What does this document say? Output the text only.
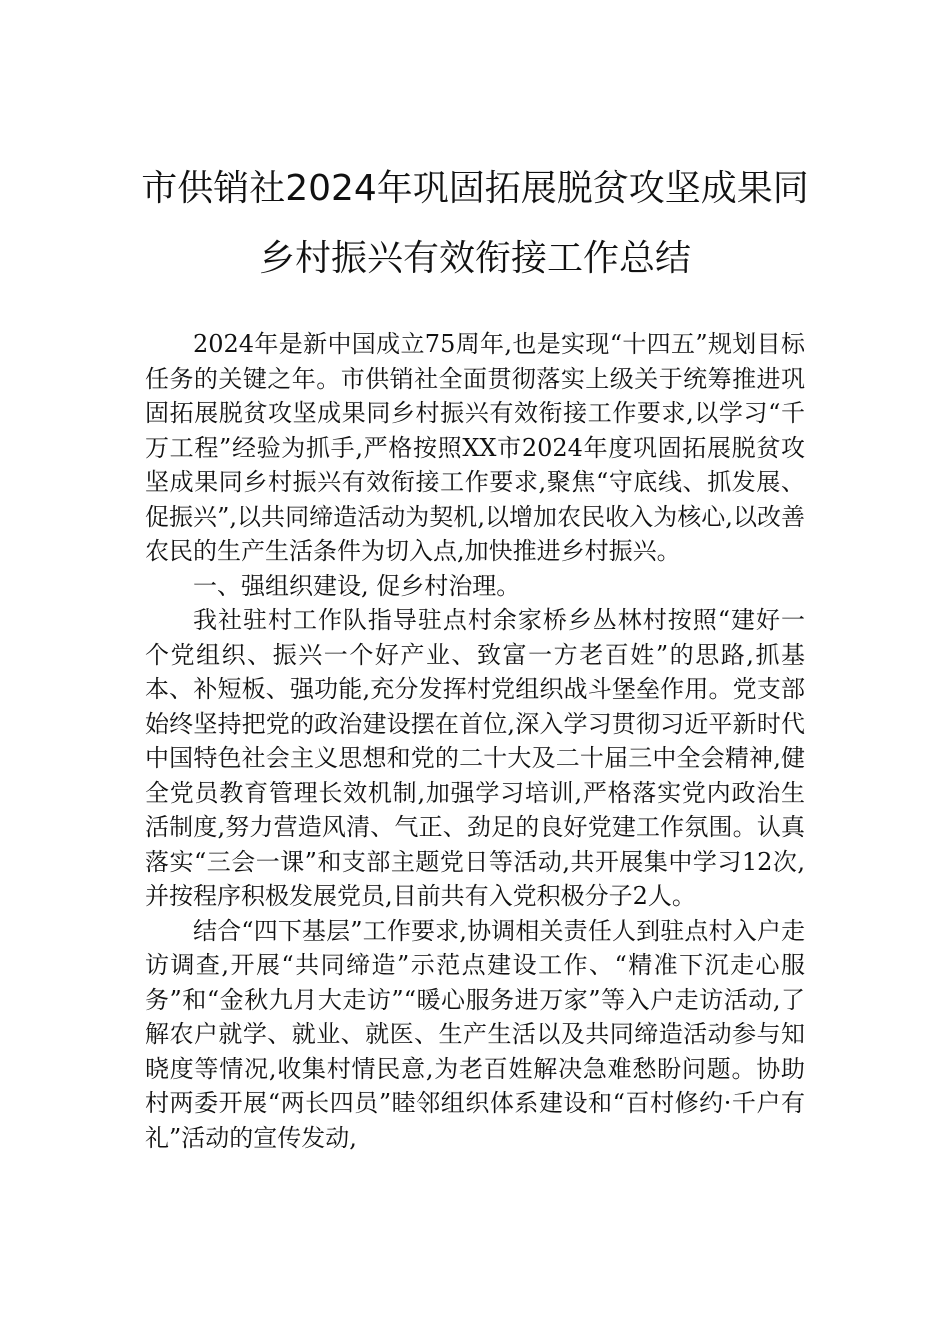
市供销社2024年巩固拓展脱贫攻坚成果同
乡村振兴有效衔接工作总结

2024年是新中国成立75周年,也是实现“十四五”规划目标任务的关键之年。市供销社全面贯彻落实上级关于统筹推进巩固拓展脱贫攻坚成果同乡村振兴有效衔接工作要求,以学习“千万工程”经验为抓手,严格按照XX市2024年度巩固拓展脱贫攻坚成果同乡村振兴有效衔接工作要求,聚焦“守底线、抓发展、促振兴”,以共同缔造活动为契机,以增加农民收入为核心,以改善农民的生产生活条件为切入点,加快推进乡村振兴。

一、强组织建设, 促乡村治理。

我社驻村工作队指导驻点村余家桥乡丛林村按照“建好一个党组织、振兴一个好产业、致富一方老百姓”的思路,抓基本、补短板、强功能,充分发挥村党组织战斗堡垒作用。党支部始终坚持把党的政治建设摆在首位,深入学习贯彻习近平新时代中国特色社会主义思想和党的二十大及二十届三中全会精神,健全党员教育管理长效机制,加强学习培训,严格落实党内政治生活制度,努力营造风清、气正、劲足的良好党建工作氛围。认真落实“三会一课”和支部主题党日等活动,共开展集中学习12次,并按程序积极发展党员,目前共有入党积极分子2人。

结合“四下基层”工作要求,协调相关责任人到驻点村入户走访调查,开展“共同缔造”示范点建设工作、“精准下沉走心服务”和“金秋九月大走访”“暖心服务进万家”等入户走访活动,了解农户就学、就业、就医、生产生活以及共同缔造活动参与知晓度等情况,收集村情民意,为老百姓解决急难愁盼问题。协助村两委开展“两长四员”睦邻组织体系建设和“百村修约·千户有礼”活动的宣传发动,
